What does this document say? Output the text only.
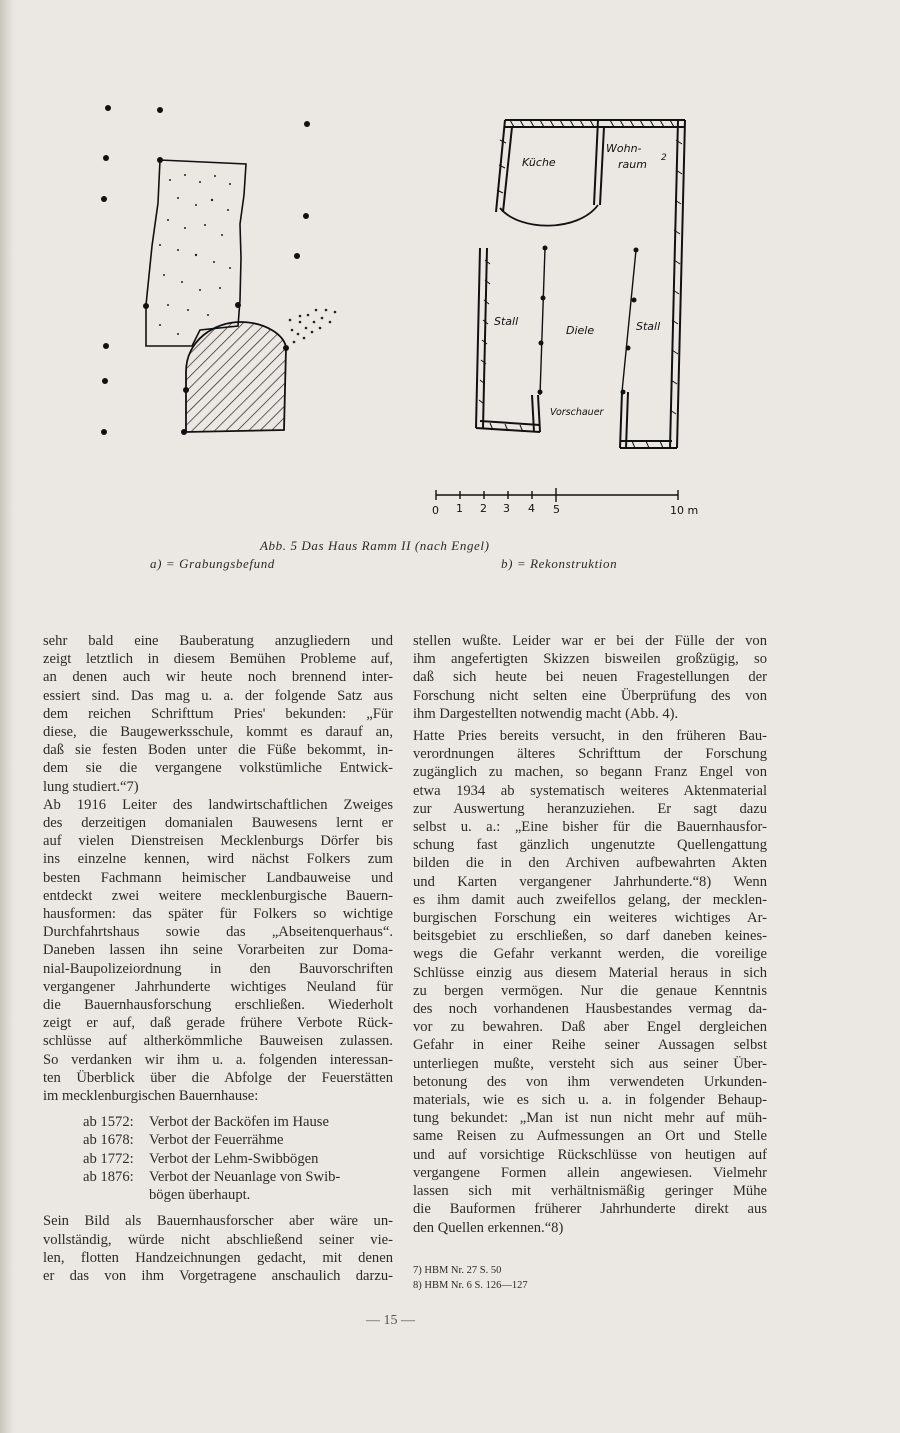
Küche
Wohn-
raum 2
Stall
Diele	Stall
Vorschauer
0 1 2 3 4 5	10 m
Abb. 5 Das Haus Ramm II (nach Engel)
a) = Grabungsbefund	b) = Rekonstruktion

sehr bald eine Bauberatung anzugliedern und
zeigt letztlich in diesem Bemühen Probleme auf,
an denen auch wir heute noch brennend inter-
essiert sind. Das mag u. a. der folgende Satz aus
dem reichen Schrifttum Pries' bekunden: „Für
diese, die Baugewerksschule, kommt es darauf an,
daß sie festen Boden unter die Füße bekommt, in-
dem sie die vergangene volkstümliche Entwick-
lung studiert.“7)

Ab 1916 Leiter des landwirtschaftlichen Zweiges
des derzeitigen domanialen Bauwesens lernt er
auf vielen Dienstreisen Mecklenburgs Dörfer bis
ins einzelne kennen, wird nächst Folkers zum
besten Fachmann heimischer Landbauweise und
entdeckt zwei weitere mecklenburgische Bauern-
hausformen: das später für Folkers so wichtige
Durchfahrtshaus sowie das „Abseitenquerhaus“.
Daneben lassen ihn seine Vorarbeiten zur Doma-
nial-Baupolizeiordnung in den Bauvorschriften
vergangener Jahrhunderte wichtiges Neuland für
die Bauernhausforschung erschließen. Wiederholt
zeigt er auf, daß gerade frühere Verbote Rück-
schlüsse auf altherkömmliche Bauweisen zulassen.
So verdanken wir ihm u. a. folgenden interessan-
ten Überblick über die Abfolge der Feuerstätten
im mecklenburgischen Bauernhause:

ab 1572:	Verbot der Backöfen im Hause
ab 1678:	Verbot der Feuerrähme
ab 1772:	Verbot der Lehm-Swibbögen
ab 1876:	Verbot der Neuanlage von Swib-
bögen überhaupt.

Sein Bild als Bauernhausforscher aber wäre un-
vollständig, würde nicht abschließend seiner vie-
len, flotten Handzeichnungen gedacht, mit denen
er das von ihm Vorgetragene anschaulich darzu-

stellen wußte. Leider war er bei der Fülle der von
ihm angefertigten Skizzen bisweilen großzügig, so
daß sich heute bei neuen Fragestellungen der
Forschung nicht selten eine Überprüfung des von
ihm Dargestellten notwendig macht (Abb. 4).

Hatte Pries bereits versucht, in den früheren Bau-
verordnungen älteres Schrifttum der Forschung
zugänglich zu machen, so begann Franz Engel von
etwa 1934 ab systematisch weiteres Aktenmaterial
zur Auswertung heranzuziehen. Er sagt dazu
selbst u. a.: „Eine bisher für die Bauernhausfor-
schung fast gänzlich ungenutzte Quellengattung
bilden die in den Archiven aufbewahrten Akten
und Karten vergangener Jahrhunderte.“8) Wenn
es ihm damit auch zweifellos gelang, der mecklen-
burgischen Forschung ein weiteres wichtiges Ar-
beitsgebiet zu erschließen, so darf daneben keines-
wegs die Gefahr verkannt werden, die voreilige
Schlüsse einzig aus diesem Material heraus in sich
zu bergen vermögen. Nur die genaue Kenntnis
des noch vorhandenen Hausbestandes vermag da-
vor zu bewahren. Daß aber Engel dergleichen
Gefahr in einer Reihe seiner Aussagen selbst
unterliegen mußte, versteht sich aus seiner Über-
betonung des von ihm verwendeten Urkunden-
materials, wie es sich u. a. in folgender Behaup-
tung bekundet: „Man ist nun nicht mehr auf müh-
same Reisen zu Aufmessungen an Ort und Stelle
und auf vorsichtige Rückschlüsse von heutigen auf
vergangene Formen allein angewiesen. Vielmehr
lassen sich mit verhältnismäßig geringer Mühe
die Bauformen früherer Jahrhunderte direkt aus
den Quellen erkennen.“8)

7) HBM Nr. 27 S. 50
8) HBM Nr. 6 S. 126—127
— 15 —
